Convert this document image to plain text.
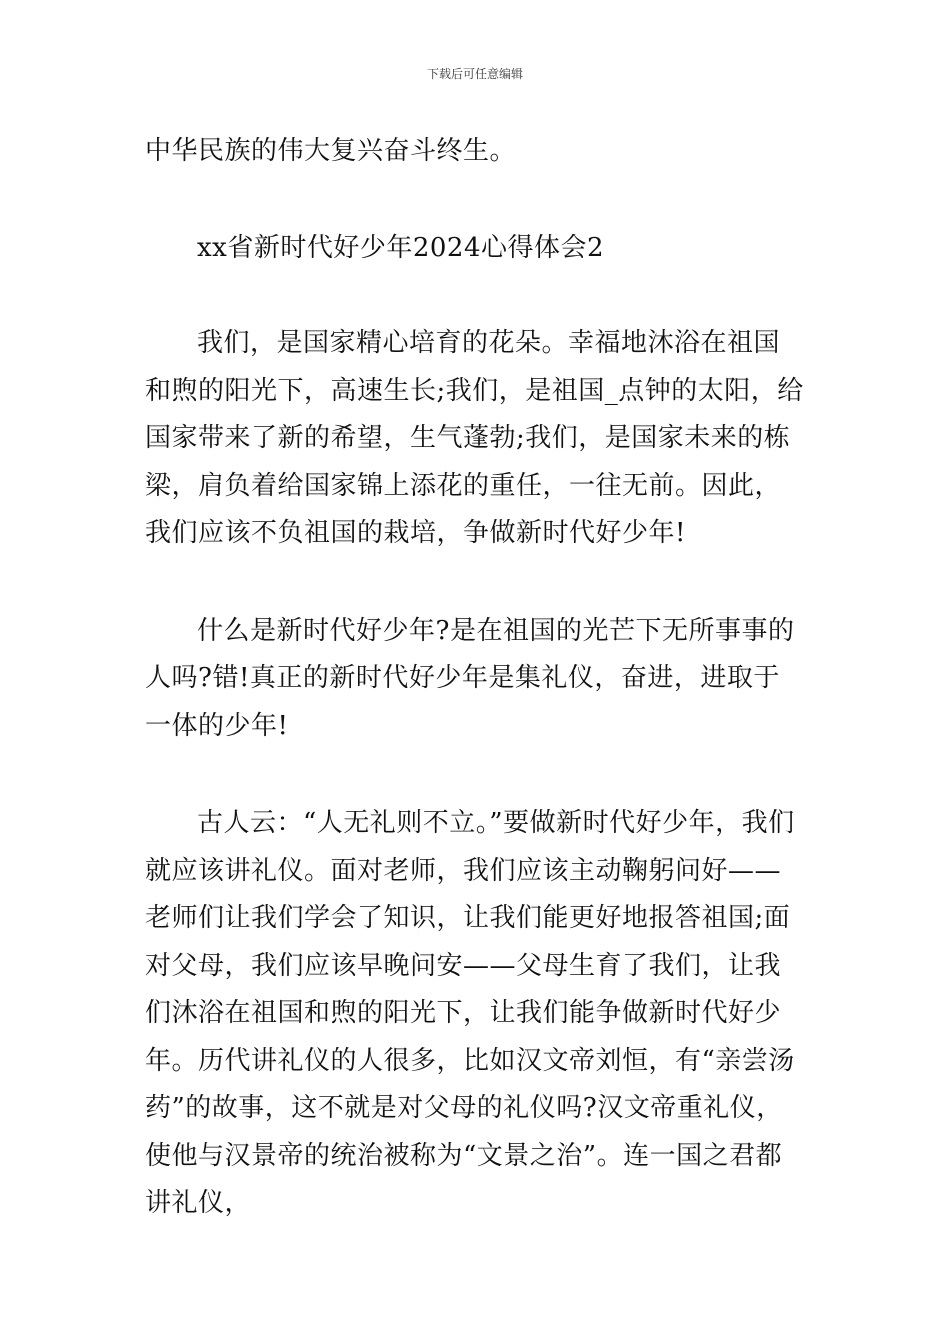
下载后可任意编辑

中华民族的伟大复兴奋斗终生。

xx省新时代好少年2024心得体会2

我们，是国家精心培育的花朵。幸福地沐浴在祖国和煦的阳光下，高速生长;我们，是祖国_点钟的太阳，给国家带来了新的希望，生气蓬勃;我们，是国家未来的栋梁，肩负着给国家锦上添花的重任，一往无前。因此，我们应该不负祖国的栽培，争做新时代好少年!

什么是新时代好少年?是在祖国的光芒下无所事事的人吗?错!真正的新时代好少年是集礼仪，奋进，进取于一体的少年!

古人云：“人无礼则不立。”要做新时代好少年，我们就应该讲礼仪。面对老师，我们应该主动鞠躬问好——老师们让我们学会了知识，让我们能更好地报答祖国;面对父母，我们应该早晚问安——父母生育了我们，让我们沐浴在祖国和煦的阳光下，让我们能争做新时代好少年。历代讲礼仪的人很多，比如汉文帝刘恒，有“亲尝汤药”的故事，这不就是对父母的礼仪吗?汉文帝重礼仪，使他与汉景帝的统治被称为“文景之治”。连一国之君都讲礼仪，
